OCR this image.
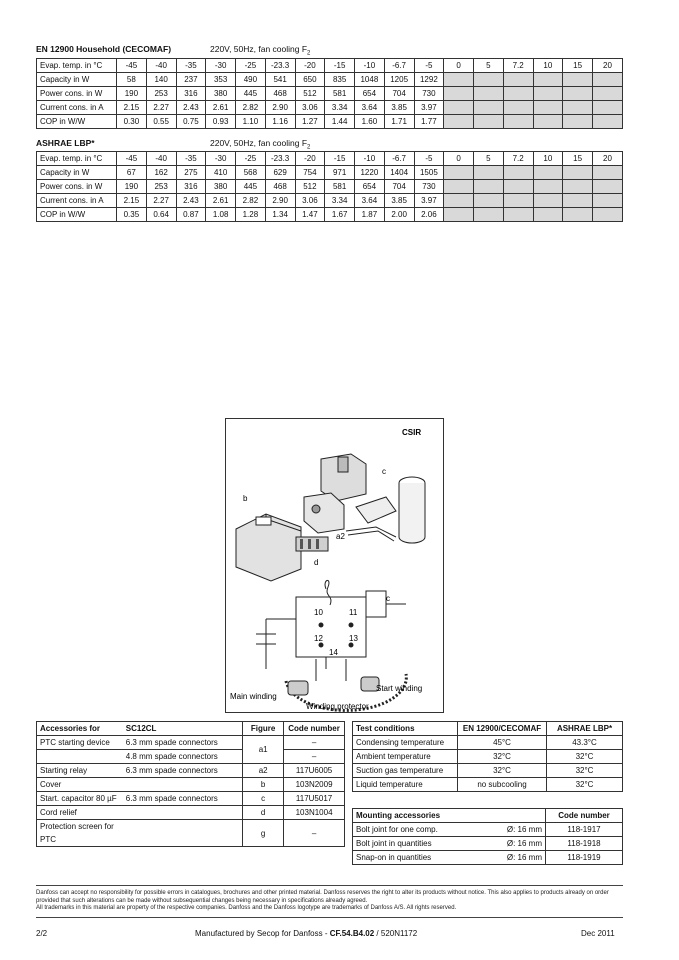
EN 12900 Household (CECOMAF)	220V, 50Hz, fan cooling $F_2$
Evap. temp. in °C	-45	-40	-35	-30	-25	-23.3	-20	-15	-10	-6.7	-5	0	5	7.2	10	15	20
Capacity in W	58	140	237	353	490	541	650	835	1048	1205	1292						
Power cons. in W	190	253	316	380	445	468	512	581	654	704	730						
Current cons. in A	2.15	2.27	2.43	2.61	2.82	2.90	3.06	3.34	3.64	3.85	3.97						
COP in W/W	0.30	0.55	0.75	0.93	1.10	1.16	1.27	1.44	1.60	1.71	1.77						
ASHRAE LBP*	220V, 50Hz, fan cooling $F_2$
Evap. temp. in °C	-45	-40	-35	-30	-25	-23.3	-20	-15	-10	-6.7	-5	0	5	7.2	10	15	20
Capacity in W	67	162	275	410	568	629	754	971	1220	1404	1505						
Power cons. in W	190	253	316	380	445	468	512	581	654	704	730						
Current cons. in A	2.15	2.27	2.43	2.61	2.82	2.90	3.06	3.34	3.64	3.85	3.97						
COP in W/W	0.35	0.64	0.87	1.08	1.28	1.34	1.47	1.67	1.87	2.00	2.06						
CSIR
b
c
d
a2
10	11
12	13
14
c
Main winding
Start winding
Winding protector
Accessories for	SC12CL	Figure	Code number
PTC starting device	6.3 mm spade connectors	a1	–
	4.8 mm spade connectors		–
Starting relay	6.3 mm spade connectors	a2	117U6005
Cover		b	103N2009
Start. capacitor 80 µF	6.3 mm spade connectors	c	117U5017
Cord relief		d	103N1004
Protection screen for PTC		g	–
Test conditions	EN 12900/CECOMAF	ASHRAE LBP*
Condensing temperature	45°C	43.3°C
Ambient temperature	32°C	32°C
Suction gas temperature	32°C	32°C
Liquid temperature	no subcooling	32°C
Mounting accessories		Code number
Bolt joint for one comp.	Ø: 16 mm	118-1917
Bolt joint in quantities	Ø: 16 mm	118-1918
Snap-on in quantities	Ø: 16 mm	118-1919
Danfoss can accept no responsibility for possible errors in catalogues, brochures and other printed material. Danfoss reserves the right to alter its products without notice. This also applies to products already on order provided that such alterations can be made without subsequential changes being necessary in specifications already agreed.
All trademarks in this material are property of the respective companies. Danfoss and the Danfoss logotype are trademarks of Danfoss A/S. All rights reserved.
2/2	Manufactured by Secop for Danfoss - CF.54.B4.02 / 520N1172	Dec 2011
